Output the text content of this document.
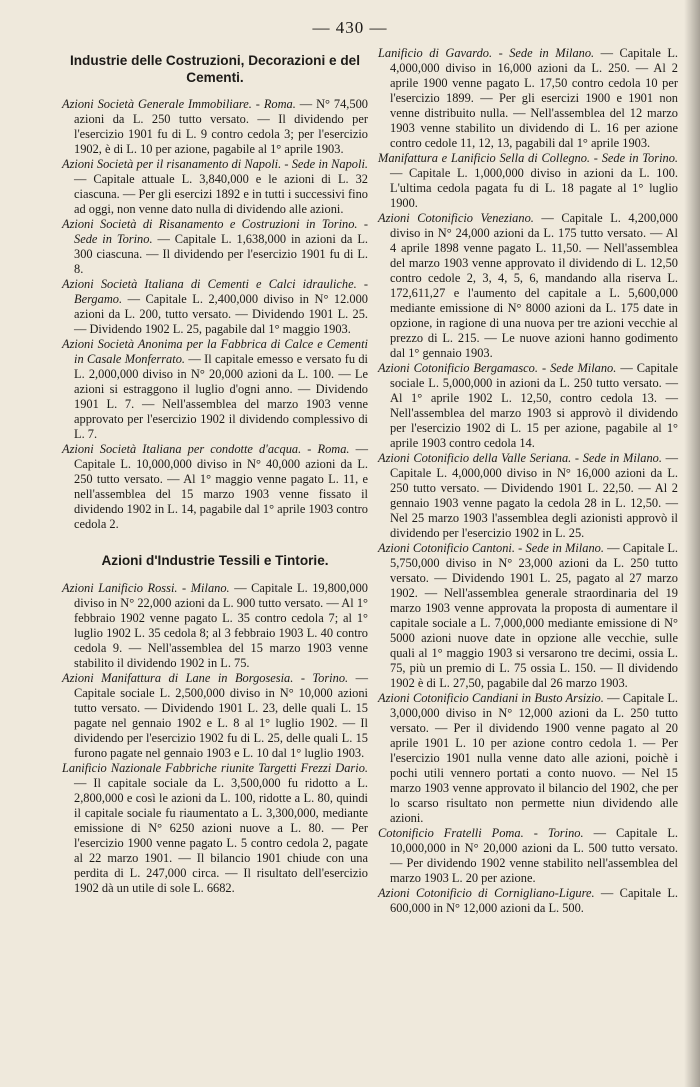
— 430 —
Industrie delle Costruzioni, Decorazioni e del Cementi.

Azioni Società Generale Immobiliare. - Roma. — N° 74,500 azioni da L. 250 tutto versato. — Il dividendo per l'esercizio 1901 fu di L. 9 contro cedola 3; per l'esercizio 1902, è di L. 10 per azione, pagabile al 1° aprile 1903.

Azioni Società per il risanamento di Napoli. - Sede in Napoli. — Capitale attuale L. 3,840,000 e le azioni di L. 32 ciascuna. — Per gli esercizi 1892 e in tutti i successivi fino ad oggi, non venne dato nulla di dividendo alle azioni.

Azioni Società di Risanamento e Costruzioni in Torino. - Sede in Torino. — Capitale L. 1,638,000 in azioni da L. 300 ciascuna. — Il dividendo per l'esercizio 1901 fu di L. 8.

Azioni Società Italiana di Cementi e Calci idrauliche. - Bergamo. — Capitale L. 2,400,000 diviso in N° 12.000 azioni da L. 200, tutto versato. — Dividendo 1901 L. 25. — Dividendo 1902 L. 25, pagabile dal 1° maggio 1903.

Azioni Società Anonima per la Fabbrica di Calce e Cementi in Casale Monferrato. — Il capitale emesso e versato fu di L. 2,000,000 diviso in N° 20,000 azioni da L. 100. — Le azioni si estraggono il luglio d'ogni anno. — Dividendo 1901 L. 7. — Nell'assemblea del marzo 1903 venne approvato per l'esercizio 1902 il dividendo complessivo di L. 7.

Azioni Società Italiana per condotte d'acqua. - Roma. — Capitale L. 10,000,000 diviso in N° 40,000 azioni da L. 250 tutto versato. — Al 1° maggio venne pagato L. 11, e nell'assemblea del 15 marzo 1903 venne fissato il dividendo 1902 in L. 14, pagabile dal 1° aprile 1903 contro cedola 2.

Azioni d'Industrie Tessili e Tintorie.

Azioni Lanificio Rossi. - Milano. — Capitale L. 19,800,000 diviso in N° 22,000 azioni da L. 900 tutto versato. — Al 1° febbraio 1902 venne pagato L. 35 contro cedola 7; al 1° luglio 1902 L. 35 cedola 8; al 3 febbraio 1903 L. 40 contro cedola 9. — Nell'assemblea del 15 marzo 1903 venne stabilito il dividendo 1902 in L. 75.

Azioni Manifattura di Lane in Borgosesia. - Torino. — Capitale sociale L. 2,500,000 diviso in N° 10,000 azioni tutto versato. — Dividendo 1901 L. 23, delle quali L. 15 pagate nel gennaio 1902 e L. 8 al 1° luglio 1902. — Il dividendo per l'esercizio 1902 fu di L. 25, delle quali L. 15 furono pagate nel gennaio 1903 e L. 10 dal 1° luglio 1903.

Lanificio Nazionale Fabbriche riunite Targetti Frezzi Dario. — Il capitale sociale da L. 3,500,000 fu ridotto a L. 2,800,000 e così le azioni da L. 100, ridotte a L. 80, quindi il capitale sociale fu riaumentato a L. 3,300,000, mediante emissione di N° 6250 azioni nuove a L. 80. — Per l'esercizio 1900 venne pagato L. 5 contro cedola 2, pagate al 22 marzo 1901. — Il bilancio 1901 chiude con una perdita di L. 247,000 circa. — Il risultato dell'esercizio 1902 dà un utile di sole L. 6682.

Lanificio di Gavardo. - Sede in Milano. — Capitale L. 4,000,000 diviso in 16,000 azioni da L. 250. — Al 2 aprile 1900 venne pagato L. 17,50 contro cedola 10 per l'esercizio 1899. — Per gli esercizi 1900 e 1901 non venne distribuito nulla. — Nell'assemblea del 12 marzo 1903 venne stabilito un dividendo di L. 16 per azione contro cedole 11, 12, 13, pagabili dal 1° aprile 1903.

Manifattura e Lanificio Sella di Collegno. - Sede in Torino. — Capitale L. 1,000,000 diviso in azioni da L. 100. L'ultima cedola pagata fu di L. 18 pagate al 1° luglio 1900.

Azioni Cotonificio Veneziano. — Capitale L. 4,200,000 diviso in N° 24,000 azioni da L. 175 tutto versato. — Al 4 aprile 1898 venne pagato L. 11,50. — Nell'assemblea del marzo 1903 venne approvato il dividendo di L. 12,50 contro cedole 2, 3, 4, 5, 6, mandando alla riserva L. 172,611,27 e l'aumento del capitale a L. 5,600,000 mediante emissione di N° 8000 azioni da L. 175 date in opzione, in ragione di una nuova per tre azioni vecchie al prezzo di L. 215. — Le nuove azioni hanno godimento dal 1° gennaio 1903.

Azioni Cotonificio Bergamasco. - Sede Milano. — Capitale sociale L. 5,000,000 in azioni da L. 250 tutto versato. — Al 1° aprile 1902 L. 12,50, contro cedola 13. — Nell'assemblea del marzo 1903 si approvò il dividendo per l'esercizio 1902 di L. 15 per azione, pagabile al 1° aprile 1903 contro cedola 14.

Azioni Cotonificio della Valle Seriana. - Sede in Milano. — Capitale L. 4,000,000 diviso in N° 16,000 azioni da L. 250 tutto versato. — Dividendo 1901 L. 22,50. — Al 2 gennaio 1903 venne pagato la cedola 28 in L. 12,50. — Nel 25 marzo 1903 l'assemblea degli azionisti approvò il dividendo per l'esercizio 1902 in L. 25.

Azioni Cotonificio Cantoni. - Sede in Milano. — Capitale L. 5,750,000 diviso in N° 23,000 azioni da L. 250 tutto versato. — Dividendo 1901 L. 25, pagato al 27 marzo 1902. — Nell'assemblea generale straordinaria del 19 marzo 1903 venne approvata la proposta di aumentare il capitale sociale a L. 7,000,000 mediante emissione di N° 5000 azioni nuove date in opzione alle vecchie, sulle quali al 1° maggio 1903 si versarono tre decimi, ossia L. 75, più un premio di L. 75 ossia L. 150. — Il dividendo 1902 è di L. 27,50, pagabile dal 26 marzo 1903.

Azioni Cotonificio Candiani in Busto Arsizio. — Capitale L. 3,000,000 diviso in N° 12,000 azioni da L. 250 tutto versato. — Per il dividendo 1900 venne pagato al 20 aprile 1901 L. 10 per azione contro cedola 1. — Per l'esercizio 1901 nulla venne dato alle azioni, poichè i pochi utili vennero portati a conto nuovo. — Nel 15 marzo 1903 venne approvato il bilancio del 1902, che per lo scarso risultato non permette niun dividendo alle azioni.

Cotonificio Fratelli Poma. - Torino. — Capitale L. 10,000,000 in N° 20,000 azioni da L. 500 tutto versato. — Per dividendo 1902 venne stabilito nell'assemblea del marzo 1903 L. 20 per azione.

Azioni Cotonificio di Cornigliano-Ligure. — Capitale L. 600,000 in N° 12,000 azioni da L. 500.
